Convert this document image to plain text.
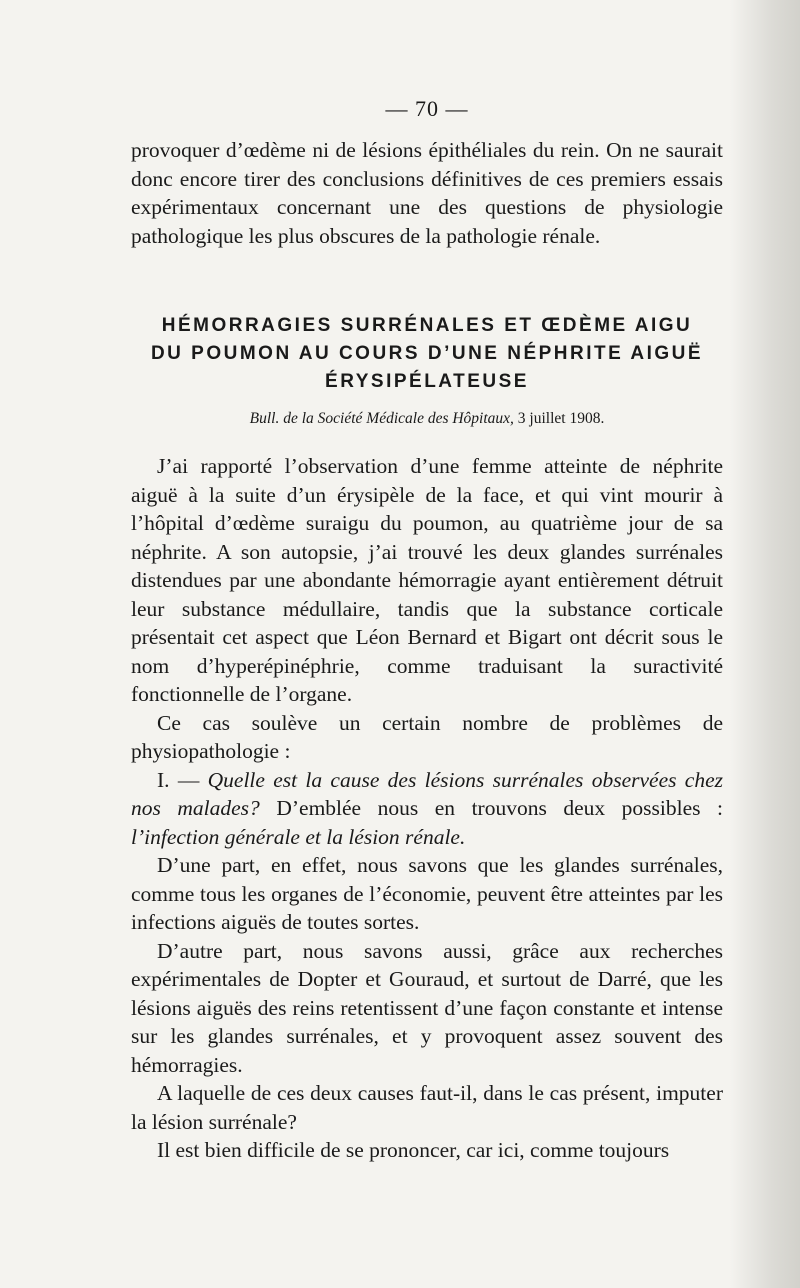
— 70 —

provoquer d’œdème ni de lésions épithéliales du rein. On ne saurait donc encore tirer des conclusions définitives de ces premiers essais expérimentaux concernant une des questions de physiologie pathologique les plus obscures de la pathologie rénale.

HÉMORRAGIES SURRÉNALES ET ŒDÈME AIGU
DU POUMON AU COURS D’UNE NÉPHRITE AIGUË
ÉRYSIPÉLATEUSE
Bull. de la Société Médicale des Hôpitaux, 3 juillet 1908.

J’ai rapporté l’observation d’une femme atteinte de néphrite aiguë à la suite d’un érysipèle de la face, et qui vint mourir à l’hôpital d’œdème suraigu du poumon, au quatrième jour de sa néphrite. A son autopsie, j’ai trouvé les deux glandes surrénales distendues par une abondante hémorragie ayant entièrement détruit leur substance médullaire, tandis que la substance corticale présentait cet aspect que Léon Bernard et Bigart ont décrit sous le nom d’hyperépinéphrie, comme traduisant la suractivité fonctionnelle de l’organe.

Ce cas soulève un certain nombre de problèmes de physiopathologie :

I. — Quelle est la cause des lésions surrénales observées chez nos malades? D’emblée nous en trouvons deux possibles : l’infection générale et la lésion rénale.

D’une part, en effet, nous savons que les glandes surrénales, comme tous les organes de l’économie, peuvent être atteintes par les infections aiguës de toutes sortes.

D’autre part, nous savons aussi, grâce aux recherches expérimentales de Dopter et Gouraud, et surtout de Darré, que les lésions aiguës des reins retentissent d’une façon constante et intense sur les glandes surrénales, et y provoquent assez souvent des hémorragies.

A laquelle de ces deux causes faut-il, dans le cas présent, imputer la lésion surrénale?

Il est bien difficile de se prononcer, car ici, comme toujours
